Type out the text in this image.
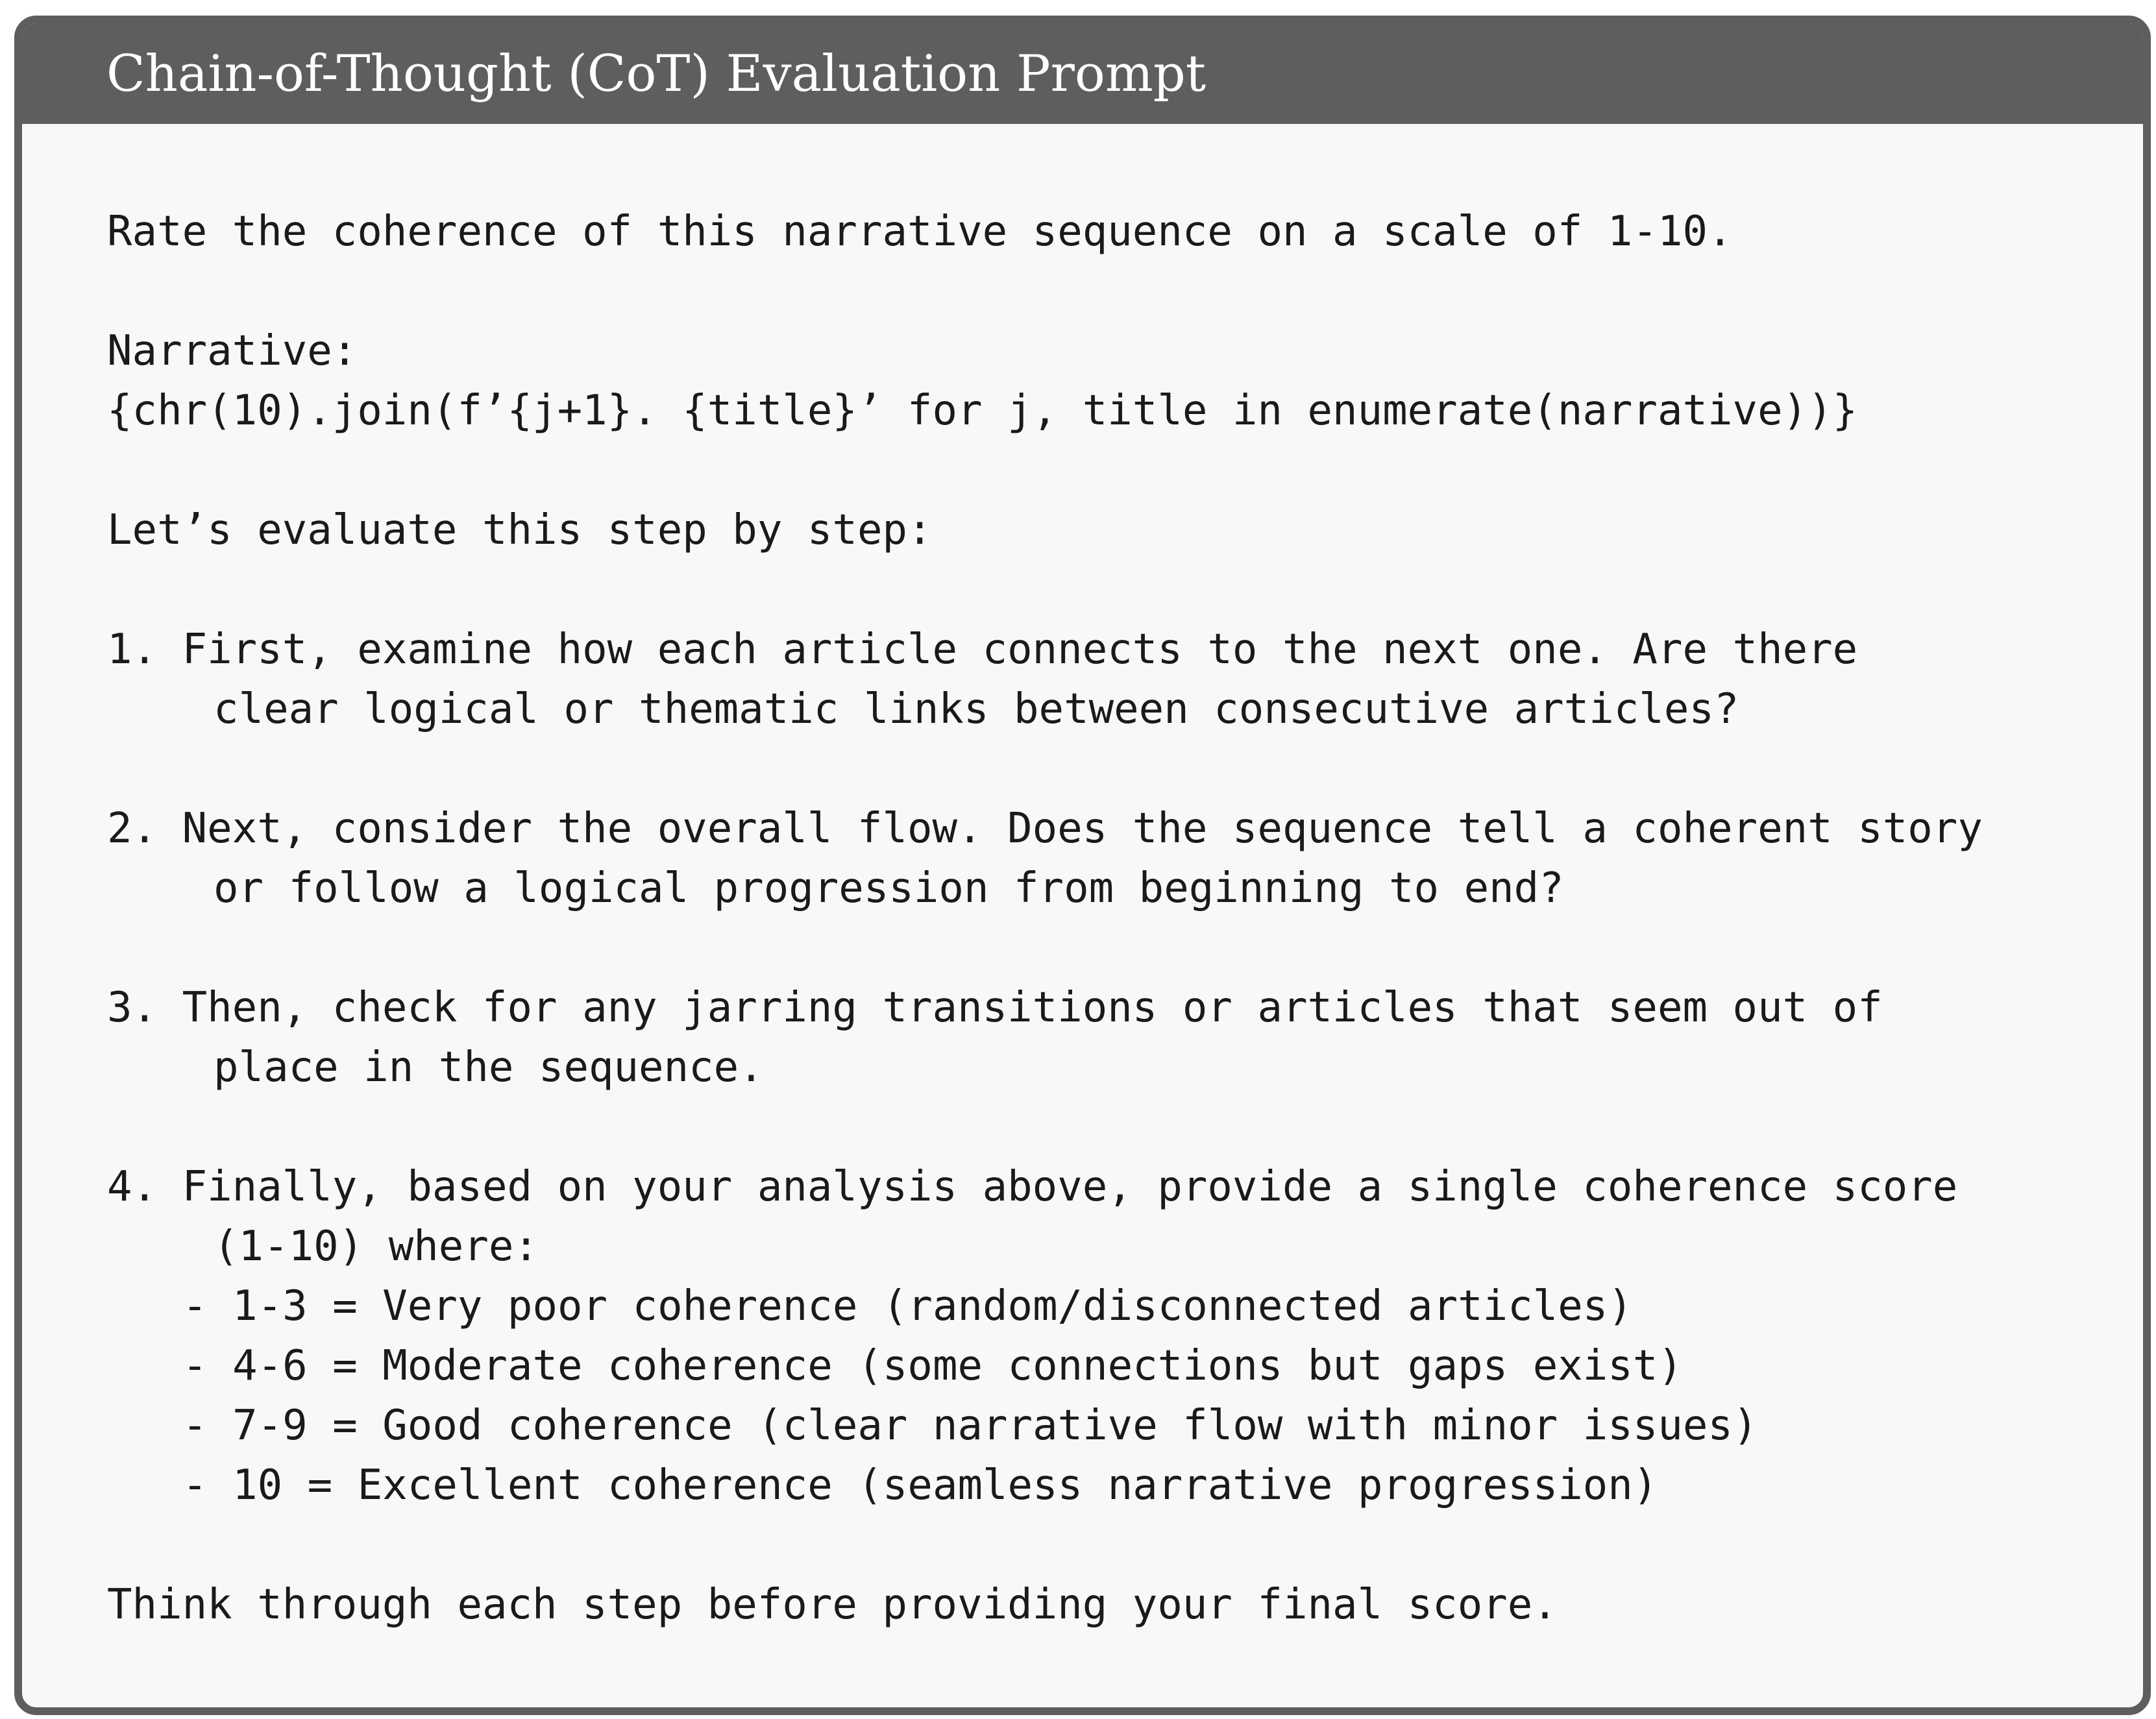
Chain-of-Thought (CoT) Evaluation Prompt
Rate the coherence of this narrative sequence on a scale of 1-10.
Narrative:
{chr(10).join(f’{j+1}. {title}’ for j, title in enumerate(narrative))}
Let’s evaluate this step by step:
1. First, examine how each article connects to the next one. Are there
clear logical or thematic links between consecutive articles?
2. Next, consider the overall flow. Does the sequence tell a coherent story
or follow a logical progression from beginning to end?
3. Then, check for any jarring transitions or articles that seem out of
place in the sequence.
4. Finally, based on your analysis above, provide a single coherence score
(1-10) where:
- 1-3 = Very poor coherence (random/disconnected articles)
- 4-6 = Moderate coherence (some connections but gaps exist)
- 7-9 = Good coherence (clear narrative flow with minor issues)
- 10 = Excellent coherence (seamless narrative progression)
Think through each step before providing your final score.
